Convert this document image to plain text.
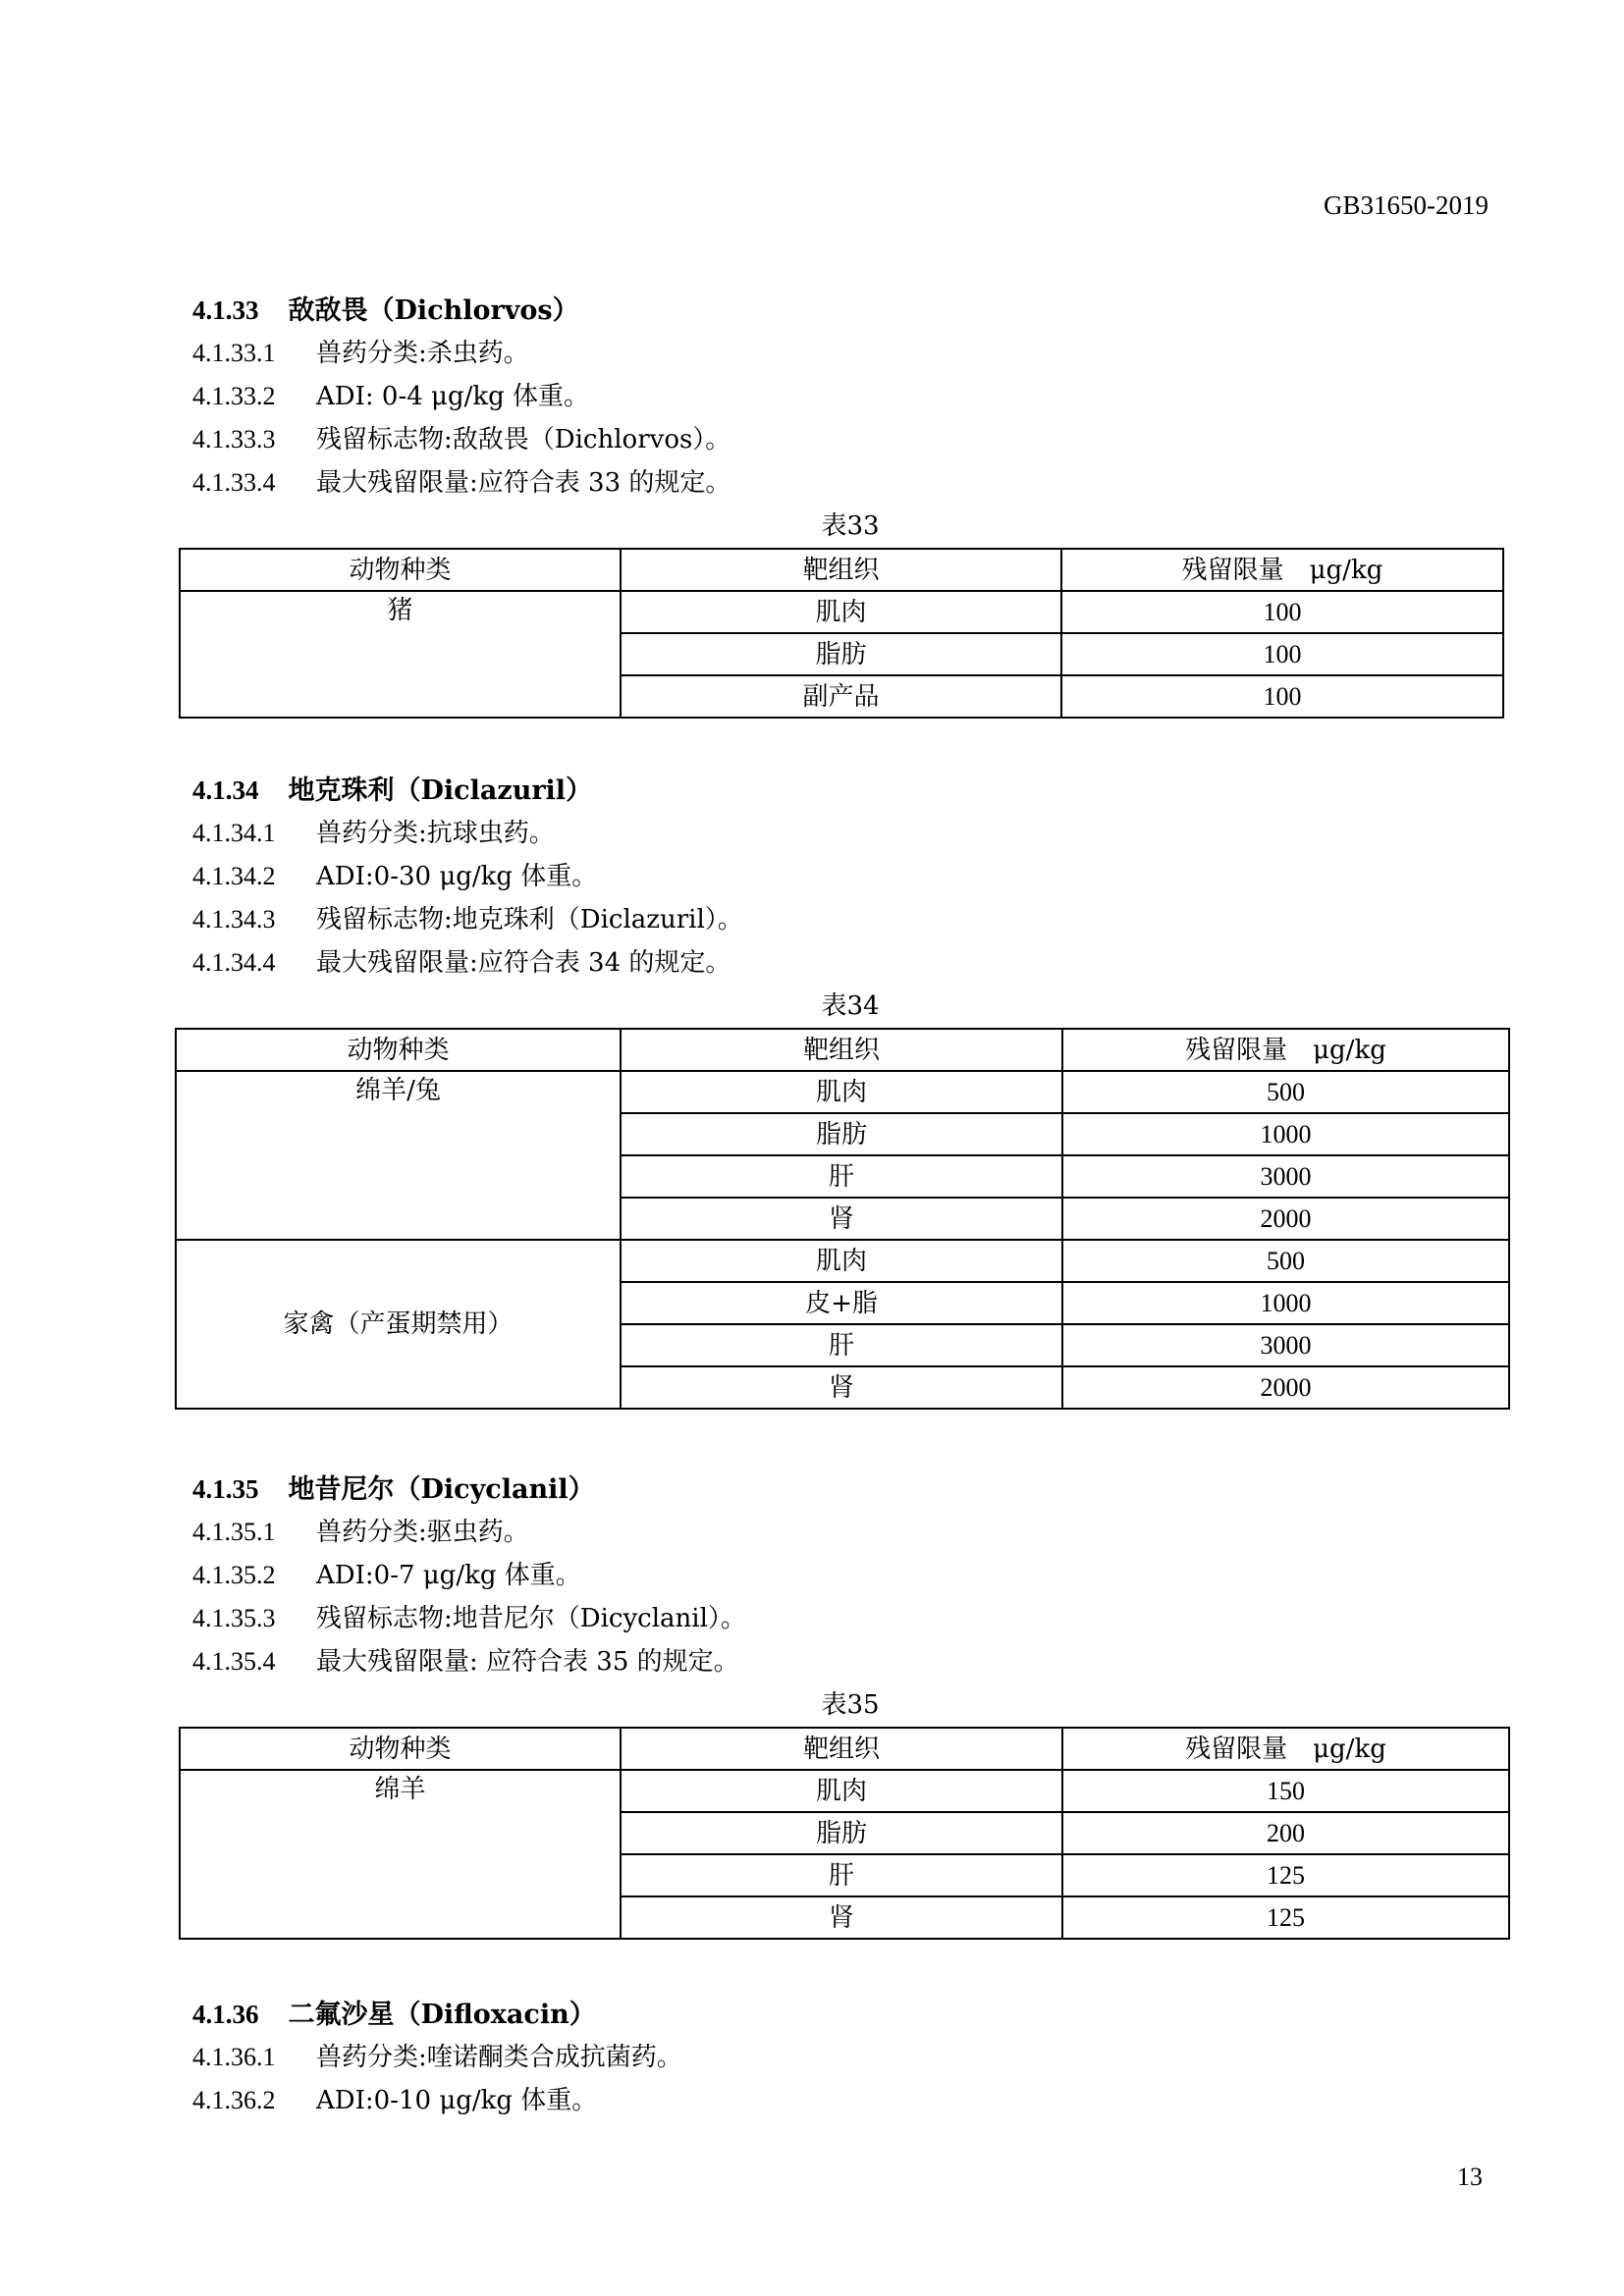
GB31650-2019
4.1.33 敌敌畏（Dichlorvos）
4.1.33.1 兽药分类:杀虫药。
4.1.33.2 ADI: 0-4 μg/kg 体重。
4.1.33.3 残留标志物:敌敌畏（Dichlorvos）。
4.1.33.4 最大残留限量:应符合表 33 的规定。
表33
动物种类	靶组织	残留限量　μg/kg
猪	肌肉	100
	脂肪	100
	副产品	100
4.1.34 地克珠利（Diclazuril）
4.1.34.1 兽药分类:抗球虫药。
4.1.34.2 ADI:0-30 μg/kg 体重。
4.1.34.3 残留标志物:地克珠利（Diclazuril）。
4.1.34.4 最大残留限量:应符合表 34 的规定。
表34
动物种类	靶组织	残留限量　μg/kg
绵羊/兔	肌肉	500
	脂肪	1000
	肝	3000
	肾	2000
家禽（产蛋期禁用）	肌肉	500
	皮+脂	1000
	肝	3000
	肾	2000
4.1.35 地昔尼尔（Dicyclanil）
4.1.35.1 兽药分类:驱虫药。
4.1.35.2 ADI:0-7 μg/kg 体重。
4.1.35.3 残留标志物:地昔尼尔（Dicyclanil）。
4.1.35.4 最大残留限量: 应符合表 35 的规定。
表35
动物种类	靶组织	残留限量　μg/kg
绵羊	肌肉	150
	脂肪	200
	肝	125
	肾	125
4.1.36 二氟沙星（Difloxacin）
4.1.36.1 兽药分类:喹诺酮类合成抗菌药。
4.1.36.2 ADI:0-10 μg/kg 体重。
13
